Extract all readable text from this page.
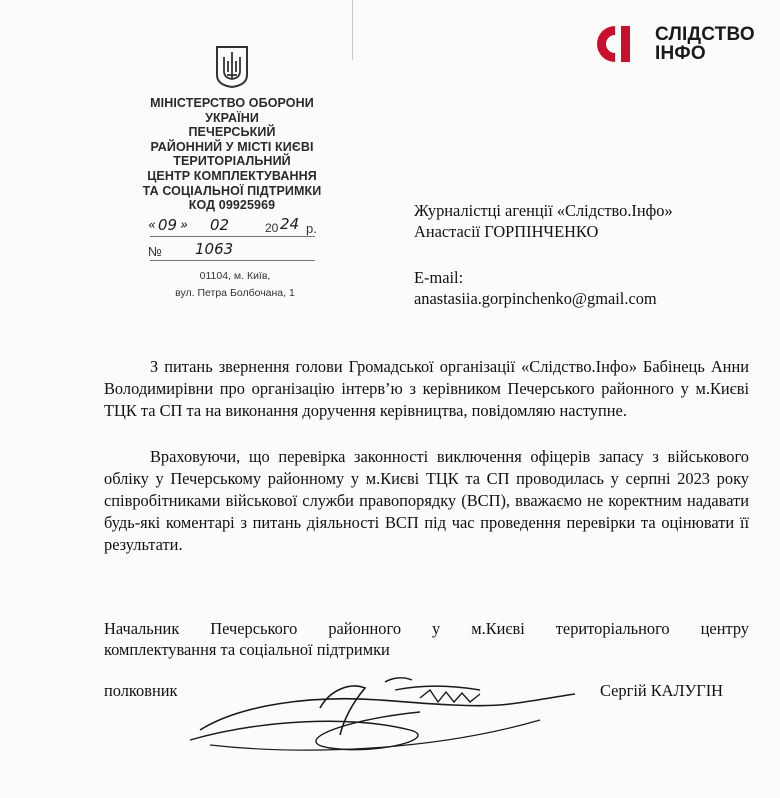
СЛІДСТВО
ІНФО
МІНІСТЕРСТВО ОБОРОНИ
УКРАЇНИ
ПЕЧЕРСЬКИЙ
РАЙОННИЙ У МІСТІ КИЄВІ
ТЕРИТОРІАЛЬНИЙ
ЦЕНТР КОМПЛЕКТУВАННЯ
ТА СОЦІАЛЬНОЇ ПІДТРИМКИ
КОД 09925969
« 09 » 02	20 24 р.
№ 1063
01104, м. Київ,
вул. Петра Болбочана, 1
Журналістці агенції «Слідство.Інфо»
Анастасії ГОРПІНЧЕНКО
E-mail:
anastasiia.gorpinchenko@gmail.com

З питань звернення голови Громадської організації «Слідство.Інфо» Бабінець Анни Володимирівни про організацію інтерв’ю з керівником Печерського районного у м.Києві ТЦК та СП та на виконання доручення керівництва, повідомляю наступне.

Враховуючи, що перевірка законності виключення офіцерів запасу з військового обліку у Печерському районному у м.Києві ТЦК та СП проводилась у серпні 2023 року співробітниками військової служби правопорядку (ВСП), вважаємо не коректним надавати будь-які коментарі з питань діяльності ВСП під час проведення перевірки та оцінювати її результати.

Начальник Печерського районного у м.Києві територіального центру
комплектування та соціальної підтримки
полковник	Сергій КАЛУГІН
